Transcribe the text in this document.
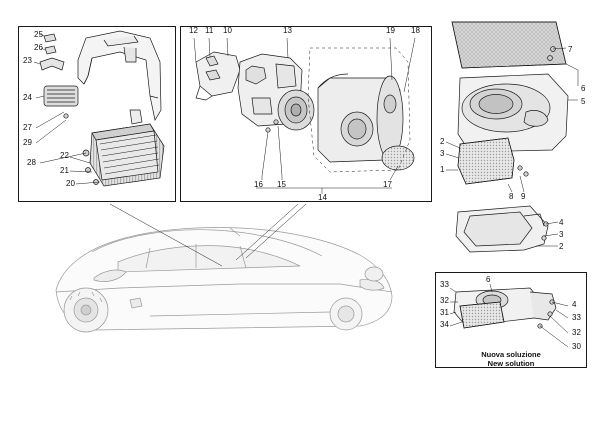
25
26
23
24
27
29
28
22
21
20
12 11 10	13	19 18
16 15
14
17
7
6
5
2
3
1
8 9
4
3
2
33
6
32
31
34
4
33
32
30
Nuova soluzione
New solution
